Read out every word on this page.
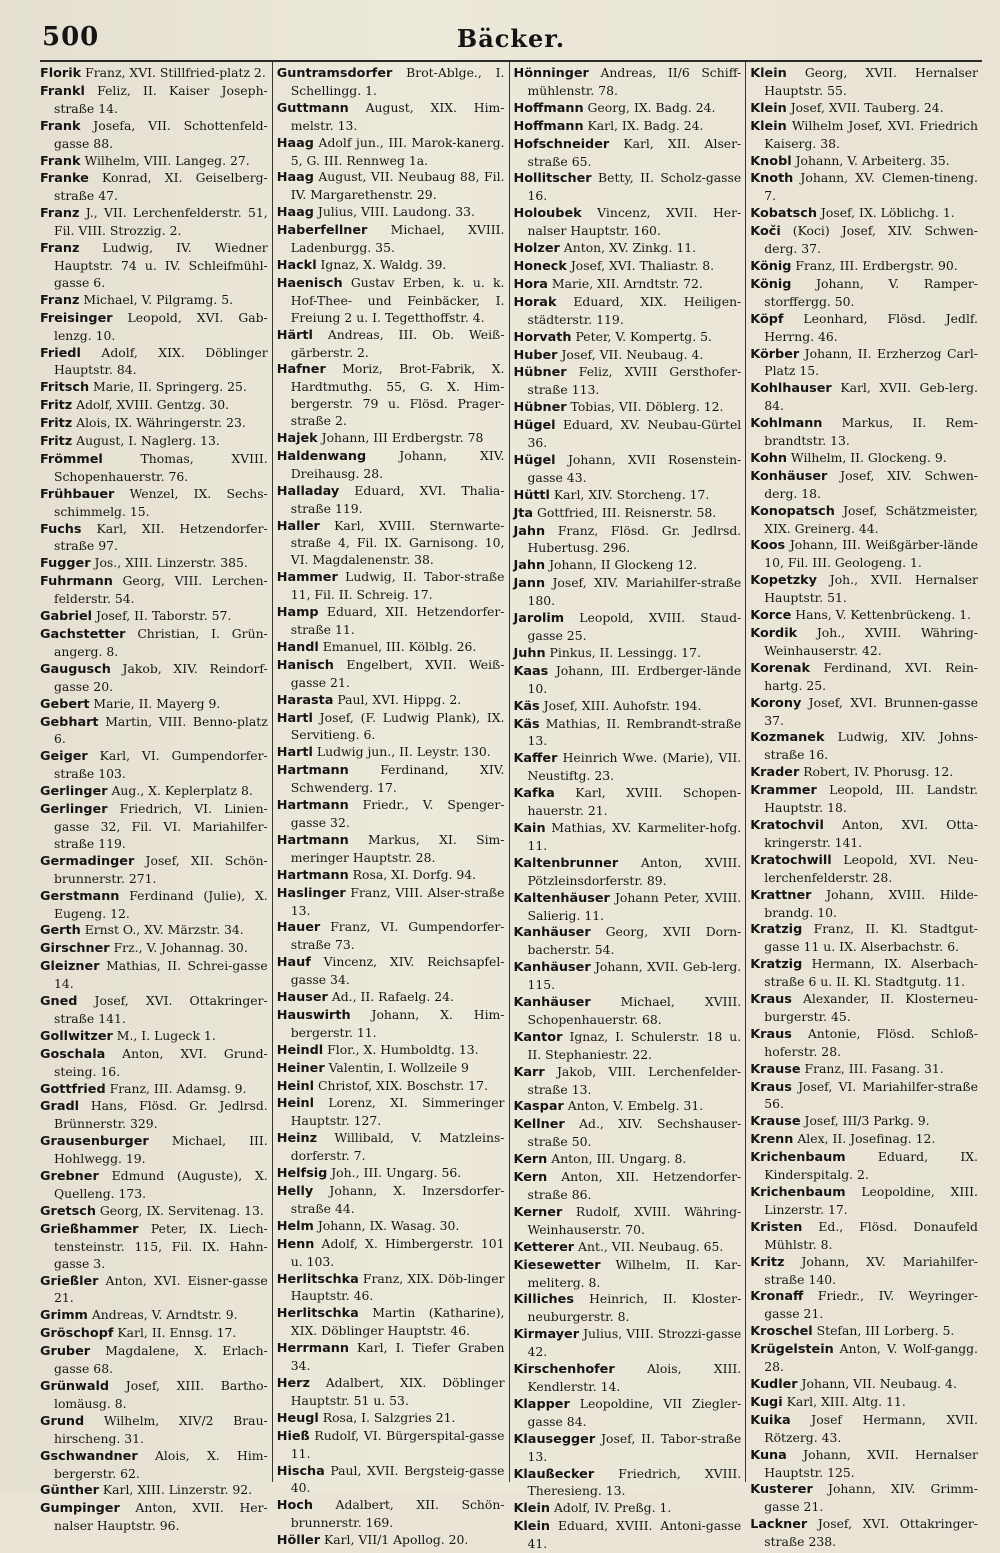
500	Bäcker.
Florik Franz, XVI. Stillfried-platz 2.
Frankl Feliz, II. Kaiser Joseph-straße 14.
Frank Josefa, VII. Schottenfeld-gasse 88.
Frank Wilhelm, VIII. Langeg. 27.
Franke Konrad, XI. Geiselberg-straße 47.
Franz J., VII. Lerchenfelderstr. 51, Fil. VIII. Strozzig. 2.
Franz Ludwig, IV. Wiedner Hauptstr. 74 u. IV. Schleifmühl-gasse 6.
Franz Michael, V. Pilgramg. 5.
Freisinger Leopold, XVI. Gab-lenzg. 10.
Friedl Adolf, XIX. Döblinger Hauptstr. 84.
Fritsch Marie, II. Springerg. 25.
Fritz Adolf, XVIII. Gentzg. 30.
Fritz Alois, IX. Währingerstr. 23.
Fritz August, I. Naglerg. 13.
Frömmel	Thomas, XVIII. Schopenhauerstr. 76.
Frühbauer Wenzel, IX. Sechs-schimmelg. 15.
Fuchs Karl, XII. Hetzendorfer-straße 97.
Fugger Jos., XIII. Linzerstr. 385.
Fuhrmann Georg, VIII. Lerchen-felderstr. 54.
Gabriel Josef, II. Taborstr. 57.
Gachstetter Christian, I. Grün-angerg. 8.
Gaugusch Jakob, XIV. Reindorf-gasse 20.
Gebert Marie, II. Mayerg 9.
Gebhart Martin, VIII. Benno-platz 6.
Geiger Karl, VI. Gumpendorfer-straße 103.
Gerlinger Aug., X. Keplerplatz 8.
Gerlinger Friedrich, VI. Linien-gasse 32, Fil. VI. Mariahilfer-straße 119.
Germadinger Josef, XII. Schön-brunnerstr. 271.
Gerstmann Ferdinand (Julie), X. Eugeng. 12.
Gerth Ernst O., XV. Märzstr. 34.
Girschner Frz., V. Johannag. 30.
Gleizner Mathias, II. Schrei-gasse 14.
Gned Josef, XVI. Ottakringer-straße 141.
Gollwitzer M., I. Lugeck 1.
Goschala Anton, XVI. Grund-steing. 16.
Gottfried Franz, III. Adamsg. 9.
Gradl Hans, Flösd. Gr. Jedlrsd. Brünnerstr. 329.
Grausenburger Michael, III. Hohlwegg. 19.
Grebner Edmund (Auguste), X. Quelleng. 173.
Gretsch Georg, IX. Servitenag. 13.
Grießhammer Peter, IX. Liech-tensteinstr. 115, Fil. IX. Hahn-gasse 3.
Grießler Anton, XVI. Eisner-gasse 21.
Grimm Andreas, V. Arndtstr. 9.
Gröschopf Karl, II. Ennsg. 17.
Gruber Magdalene, X. Erlach-gasse 68.
Grünwald Josef, XIII. Bartho-lomäusg. 8.
Grund Wilhelm, XIV/2 Brau-hirscheng. 31.
Gschwandner Alois, X. Him-bergerstr. 62.
Günther Karl, XIII. Linzerstr. 92.
Gumpinger Anton, XVII. Her-nalser Hauptstr. 96.
Guntramsdorfer Brot-Ablge., I. Schellingg. 1.
Guttmann August, XIX. Him-melstr. 13.
Haag Adolf jun., III. Marok-kanerg. 5, G. III. Rennweg 1a.
Haag August, VII. Neubaug 88, Fil. IV. Margarethenstr. 29.
Haag Julius, VIII. Laudong. 33.
Haberfellner Michael, XVIII. Ladenburgg. 35.
Hackl Ignaz, X. Waldg. 39.
Haenisch Gustav Erben, k. u. k. Hof-Thee- und Feinbäcker, I. Freiung 2 u. I. Tegetthoffstr. 4.
Härtl Andreas, III. Ob. Weiß-gärberstr. 2.
Hafner Moriz, Brot-Fabrik, X. Hardtmuthg. 55, G. X. Him-bergerstr. 79 u. Flösd. Prager-straße 2.
Hajek Johann, III Erdbergstr. 78
Haldenwang	Johann, XIV. Dreihausg. 28.
Halladay Eduard, XVI. Thalia-straße 119.
Haller Karl, XVIII. Sternwarte-straße 4, Fil. IX. Garnisong. 10, VI. Magdalenenstr. 38.
Hammer Ludwig, II. Tabor-straße 11, Fil. II. Schreig. 17.
Hamp Eduard, XII. Hetzendorfer-straße 11.
Handl Emanuel, III. Kölblg. 26.
Hanisch Engelbert, XVII. Weiß-gasse 21.
Harasta Paul, XVI. Hippg. 2.
Hartl Josef, (F. Ludwig Plank), IX. Servitieng. 6.
Hartl Ludwig jun., II. Leystr. 130.
Hartmann	Ferdinand, XIV. Schwenderg. 17.
Hartmann Friedr., V. Spenger-gasse 32.
Hartmann Markus, XI. Sim-meringer Hauptstr. 28.
Hartmann Rosa, XI. Dorfg. 94.
Haslinger Franz, VIII. Alser-straße 13.
Hauer Franz, VI. Gumpendorfer-straße 73.
Hauf Vincenz, XIV. Reichsapfel-gasse 34.
Hauser Ad., II. Rafaelg. 24.
Hauswirth Johann, X. Him-bergerstr. 11.
Heindl Flor., X. Humboldtg. 13.
Heiner Valentin, I. Wollzeile 9
Heinl Christof, XIX. Boschstr. 17.
Heinl Lorenz, XI. Simmeringer Hauptstr. 127.
Heinz Willibald, V. Matzleins-dorferstr. 7.
Helfsig Joh., III. Ungarg. 56.
Helly Johann, X. Inzersdorfer-straße 44.
Helm Johann, IX. Wasag. 30.
Henn Adolf, X. Himbergerstr. 101 u. 103.
Herlitschka Franz, XIX. Döb-linger Hauptstr. 46.
Herlitschka Martin (Katharine), XIX. Döblinger Hauptstr. 46.
Herrmann Karl, I. Tiefer Graben 34.
Herz Adalbert, XIX. Döblinger Hauptstr. 51 u. 53.
Heugl Rosa, I. Salzgries 21.
Hieß Rudolf, VI. Bürgerspital-gasse 11.
Hischa Paul, XVII. Bergsteig-gasse 40.
Hoch Adalbert, XII. Schön-brunnerstr. 169.
Höller Karl, VII/1 Apollog. 20.
Hönninger Andreas, II/6 Schiff-mühlenstr. 78.
Hoffmann Georg, IX. Badg. 24.
Hoffmann Karl, IX. Badg. 24.
Hofschneider Karl, XII. Alser-straße 65.
Hollitscher Betty, II. Scholz-gasse 16.
Holoubek Vincenz, XVII. Her-nalser Hauptstr. 160.
Holzer Anton, XV. Zinkg. 11.
Honeck Josef, XVI. Thaliastr. 8.
Hora Marie, XII. Arndtstr. 72.
Horak Eduard, XIX. Heiligen-städterstr. 119.
Horvath Peter, V. Kompertg. 5.
Huber Josef, VII. Neubaug. 4.
Hübner Feliz, XVIII Gersthofer-straße 113.
Hübner Tobias, VII. Döblerg. 12.
Hügel Eduard, XV. Neubau-Gürtel 36.
Hügel Johann, XVII Rosenstein-gasse 43.
Hüttl Karl, XIV. Storcheng. 17.
Jta Gottfried, III. Reisnerstr. 58.
Jahn Franz, Flösd. Gr. Jedlrsd. Hubertusg. 296.
Jahn Johann, II Glockeng 12.
Jann Josef, XIV. Mariahilfer-straße 180.
Jarolim Leopold, XVIII. Staud-gasse 25.
Juhn Pinkus, II. Lessingg. 17.
Kaas Johann, III. Erdberger-lände 10.
Käs Josef, XIII. Auhofstr. 194.
Käs Mathias, II. Rembrandt-straße 13.
Kaffer Heinrich Wwe. (Marie), VII. Neustiftg. 23.
Kafka Karl, XVIII. Schopen-hauerstr. 21.
Kain Mathias, XV. Karmeliter-hofg. 11.
Kaltenbrunner Anton, XVIII. Pötzleinsdorferstr. 89.
Kaltenhäuser Johann Peter, XVIII. Salierig. 11.
Kanhäuser Georg, XVII Dorn-bacherstr. 54.
Kanhäuser Johann, XVII. Geb-lerg. 115.
Kanhäuser Michael, XVIII. Schopenhauerstr. 68.
Kantor Ignaz, I. Schulerstr. 18 u. II. Stephaniestr. 22.
Karr Jakob, VIII. Lerchenfelder-straße 13.
Kaspar Anton, V. Embelg. 31.
Kellner Ad., XIV. Sechshauser-straße 50.
Kern Anton, III. Ungarg. 8.
Kern Anton, XII. Hetzendorfer-straße 86.
Kerner Rudolf, XVIII. Währing-Weinhauserstr. 70.
Ketterer Ant., VII. Neubaug. 65.
Kiesewetter Wilhelm, II. Kar-meliterg. 8.
Killiches Heinrich, II. Kloster-neuburgerstr. 8.
Kirmayer Julius, VIII. Strozzi-gasse 42.
Kirschenhofer	Alois, XIII. Kendlerstr. 14.
Klapper Leopoldine, VII Ziegler-gasse 84.
Klausegger Josef, II. Tabor-straße 13.
Klaußecker Friedrich, XVIII. Theresieng. 13.
Klein Adolf, IV. Preßg. 1.
Klein Eduard, XVIII. Antoni-gasse 41.
Klein Georg, XVII. Hernalser Hauptstr. 55.
Klein Josef, XVII. Tauberg. 24.
Klein Wilhelm Josef, XVI. Friedrich Kaiserg. 38.
Knobl Johann, V. Arbeiterg. 35.
Knoth Johann, XV. Clemen-tineng. 7.
Kobatsch Josef, IX. Löblichg. 1.
Koči (Koci) Josef, XIV. Schwen-derg. 37.
König Franz, III. Erdbergstr. 90.
König Johann, V. Ramper-storffergg. 50.
Köpf Leonhard, Flösd. Jedlf. Herrng. 46.
Körber Johann, II. Erzherzog Carl-Platz 15.
Kohlhauser Karl, XVII. Geb-lerg. 84.
Kohlmann Markus, II. Rem-brandtstr. 13.
Kohn Wilhelm, II. Glockeng. 9.
Konhäuser Josef, XIV. Schwen-derg. 18.
Konopatsch Josef, Schätzmeister, XIX. Greinerg. 44.
Koos Johann, III. Weißgärber-lände 10, Fil. III. Geologeng. 1.
Kopetzky Joh., XVII. Hernalser Hauptstr. 51.
Korce Hans, V. Kettenbrückeng. 1.
Kordik Joh., XVIII. Währing-Weinhauserstr. 42.
Korenak Ferdinand, XVI. Rein-hartg. 25.
Korony Josef, XVI. Brunnen-gasse 37.
Kozmanek Ludwig, XIV. Johns-straße 16.
Krader Robert, IV. Phorusg. 12.
Krammer Leopold, III. Landstr. Hauptstr. 18.
Kratochvil Anton, XVI. Otta-kringerstr. 141.
Kratochwill Leopold, XVI. Neu-lerchenfelderstr. 28.
Krattner Johann, XVIII. Hilde-brandg. 10.
Kratzig Franz, II. Kl. Stadtgut-gasse 11 u. IX. Alserbachstr. 6.
Kratzig Hermann, IX. Alserbach-straße 6 u. II. Kl. Stadtgutg. 11.
Kraus Alexander, II. Klosterneu-burgerstr. 45.
Kraus Antonie, Flösd. Schloß-hoferstr. 28.
Krause Franz, III. Fasang. 31.
Kraus Josef, VI. Mariahilfer-straße 56.
Krause Josef, III/3 Parkg. 9.
Krenn Alex, II. Josefinag. 12.
Krichenbaum	Eduard, IX. Kinderspitalg. 2.
Krichenbaum Leopoldine, XIII. Linzerstr. 17.
Kristen Ed., Flösd. Donaufeld Mühlstr. 8.
Kritz Johann, XV. Mariahilfer-straße 140.
Kronaff Friedr., IV. Weyringer-gasse 21.
Kroschel Stefan, III Lorberg. 5.
Krügelstein Anton, V. Wolf-gangg. 28.
Kudler Johann, VII. Neubaug. 4.
Kugi Karl, XIII. Altg. 11.
Kuika Josef Hermann, XVII. Rötzerg. 43.
Kuna Johann, XVII. Hernalser Hauptstr. 125.
Kusterer Johann, XIV. Grimm-gasse 21.
Lackner Josef, XVI. Ottakringer-straße 238.
